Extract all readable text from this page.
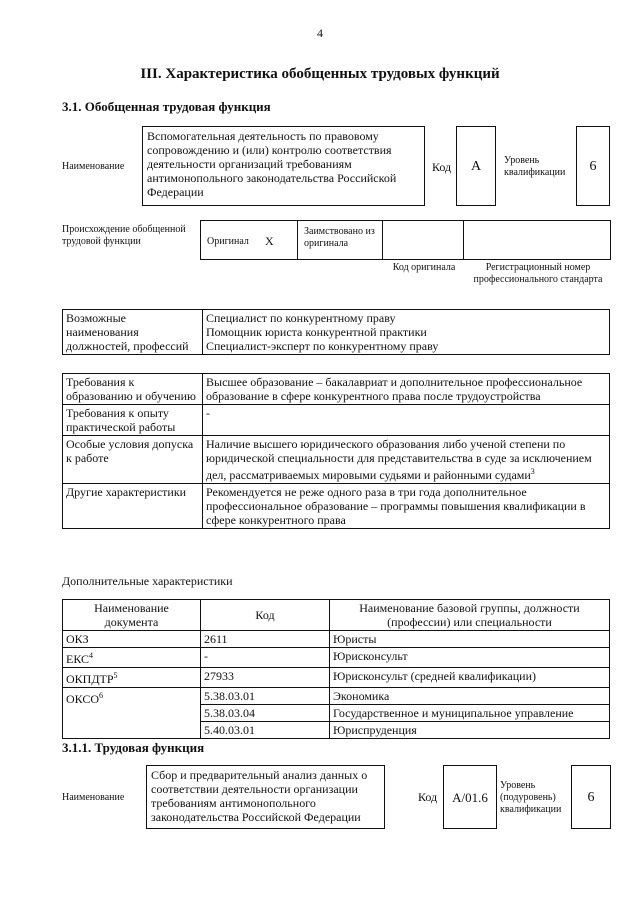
4
III. Характеристика обобщенных трудовых функций
3.1. Обобщенная трудовая функция
Наименование
Вспомогательная деятельность по правовому сопровождению и (или) контролю соответствия деятельности организаций требованиям антимонопольного законодательства Российской Федерации
Код	A	Уровень квалификации	6
Происхождение обобщенной трудовой функции	Оригинал X
Заимствовано из оригинала
Код оригинала	Регистрационный номер профессионального стандарта
Возможные наименования должностей, профессий	
Специалист по конкурентному праву
Помощник юриста конкурентной практики
Специалист-эксперт по конкурентному праву
Требования к образованию и обучению	Высшее образование – бакалавриат и дополнительное профессиональное образование в сфере конкурентного права после трудоустройства
Требования к опыту практической работы	-
Особые условия допуска к работе	Наличие высшего юридического образования либо ученой степени по юридической специальности для представительства в суде за исключением дел, рассматриваемых мировыми судьями и районными судами$^3$
Другие характеристики	Рекомендуется не реже одного раза в три года дополнительное профессиональное образование – программы повышения квалификации в сфере конкурентного права
Дополнительные характеристики
Наименование документа	Код	Наименование базовой группы, должности (профессии) или специальности
ОКЗ	2611	Юристы
ЕКС$^4$	-	Юрисконсульт
ОКПДТР$^5$	27933	Юрисконсульт (средней квалификации)
ОКСО$^6$	5.38.03.01	Экономика
	5.38.03.04	Государственное и муниципальное управление
	5.40.03.01	Юриспруденция
3.1.1. Трудовая функция
Наименование
Сбор и предварительный анализ данных о соответствии деятельности организации требованиям антимонопольного законодательства Российской Федерации
Код	A/01.6
Уровень (подуровень) квалификации
6
